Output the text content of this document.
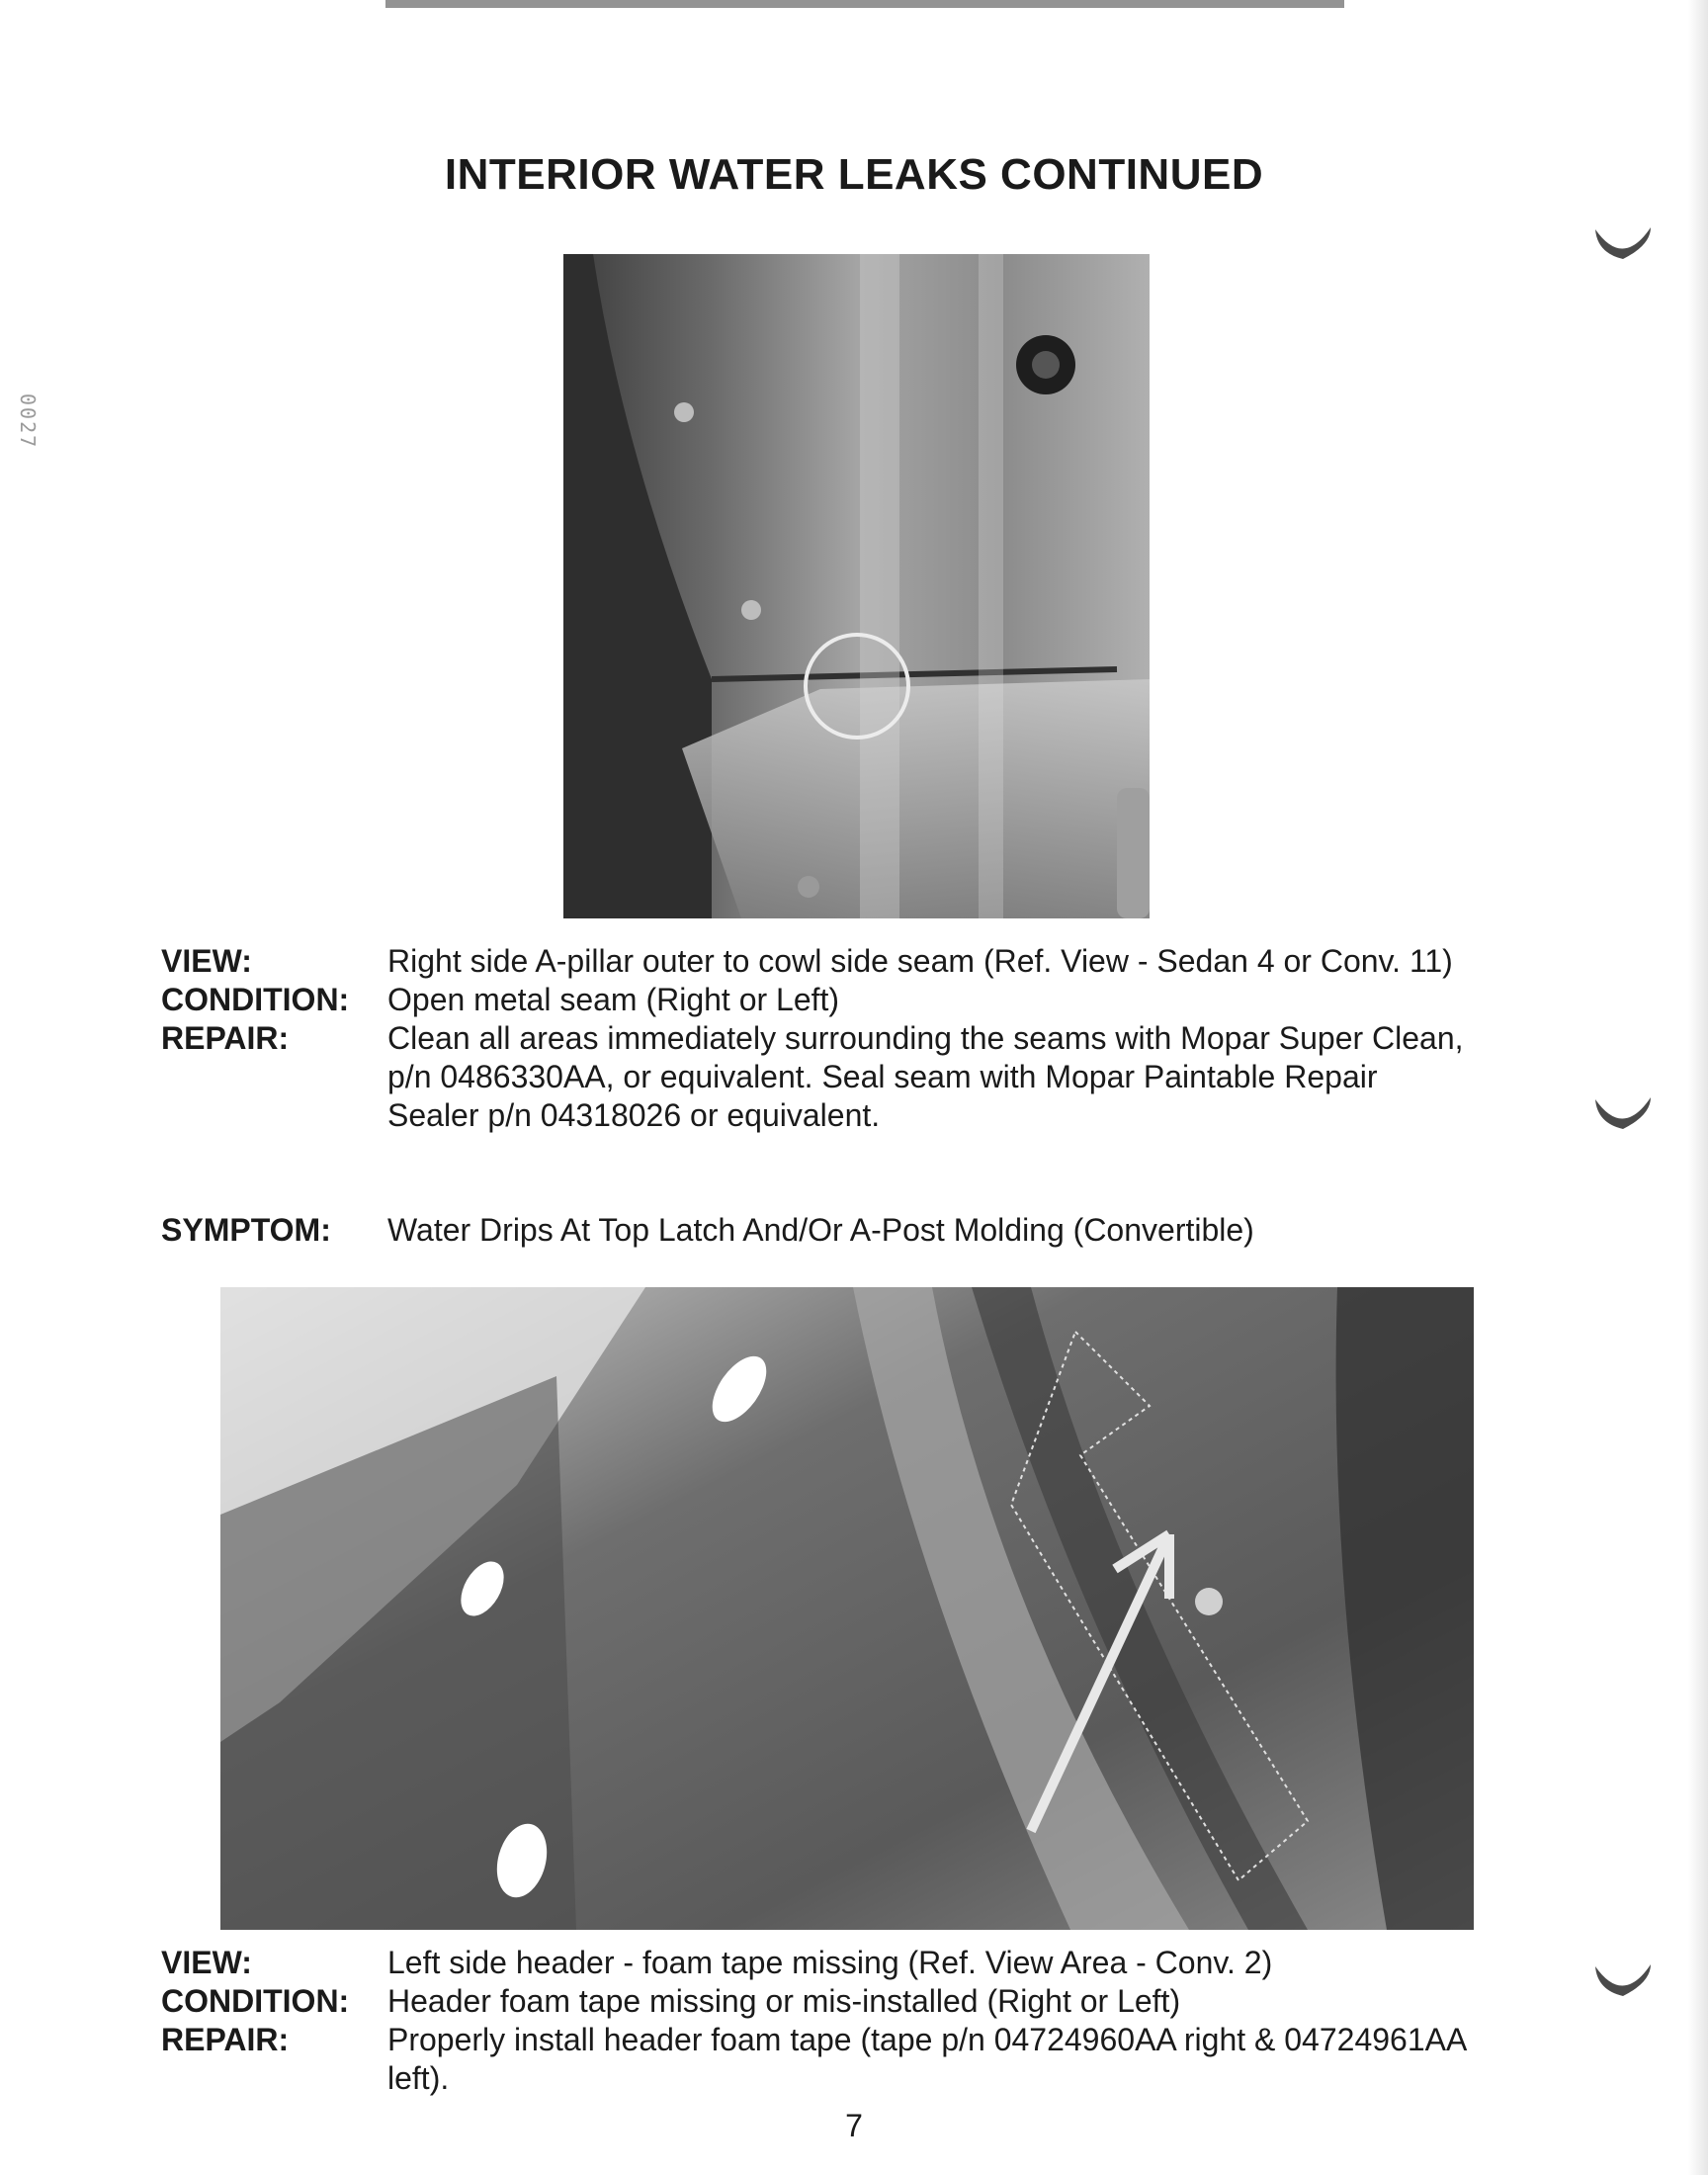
0027
INTERIOR WATER LEAKS CONTINUED
VIEW:	Right side A-pillar outer to cowl side seam (Ref. View - Sedan 4 or Conv. 11)
CONDITION: Open metal seam (Right or Left)
REPAIR:	Clean all areas immediately surrounding the seams with Mopar Super Clean,

p/n 0486330AA, or equivalent. Seal seam with Mopar Paintable Repair

Sealer p/n 04318026 or equivalent.

SYMPTOM: Water Drips At Top Latch And/Or A-Post Molding (Convertible)
VIEW:	Left side header - foam tape missing (Ref. View Area - Conv. 2)
CONDITION: Header foam tape missing or mis-installed (Right or Left)
REPAIR:	Properly install header foam tape (tape p/n 04724960AA right & 04724961AA

left).

7
